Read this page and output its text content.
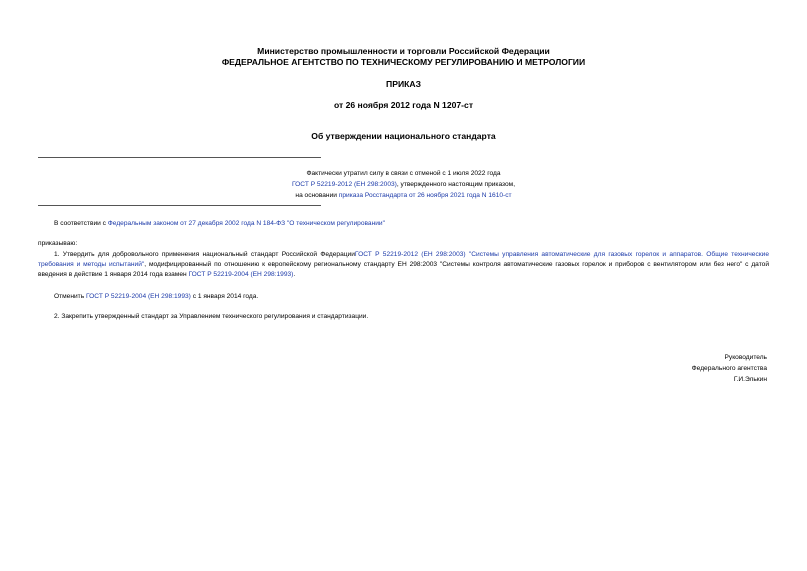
Министерство промышленности и торговли Российской Федерации
ФЕДЕРАЛЬНОЕ АГЕНТСТВО ПО ТЕХНИЧЕСКОМУ РЕГУЛИРОВАНИЮ И МЕТРОЛОГИИ
ПРИКАЗ
от 26 ноября 2012 года N 1207-ст
Об утверждении национального стандарта
Фактически утратил силу в связи с отменой с 1 июля 2022 года
ГОСТ Р 52219-2012 (ЕН 298:2003), утвержденного настоящим приказом,
на основании приказа Росстандарта от 26 ноября 2021 года N 1610-ст
В соответствии с Федеральным законом от 27 декабря 2002 года N 184-ФЗ "О техническом регулировании"
приказываю:
1. Утвердить для добровольного применения национальный стандарт Российской ФедерацииГОСТ Р 52219-2012 (ЕН 298:2003) "Системы управления автоматические для газовых горелок и аппаратов. Общие технические требования и методы испытаний", модифицированный по отношению к европейскому региональному стандарту ЕН 298:2003 "Системы контроля автоматические газовых горелок и приборов с вентилятором или без него" с датой введения в действие 1 января 2014 года взамен ГОСТ Р 52219-2004 (ЕН 298:1993).
Отменить ГОСТ Р 52219-2004 (ЕН 298:1993) с 1 января 2014 года.
2. Закрепить утвержденный стандарт за Управлением технического регулирования и стандартизации.
Руководитель
Федерального агентства
Г.И.Элькин
